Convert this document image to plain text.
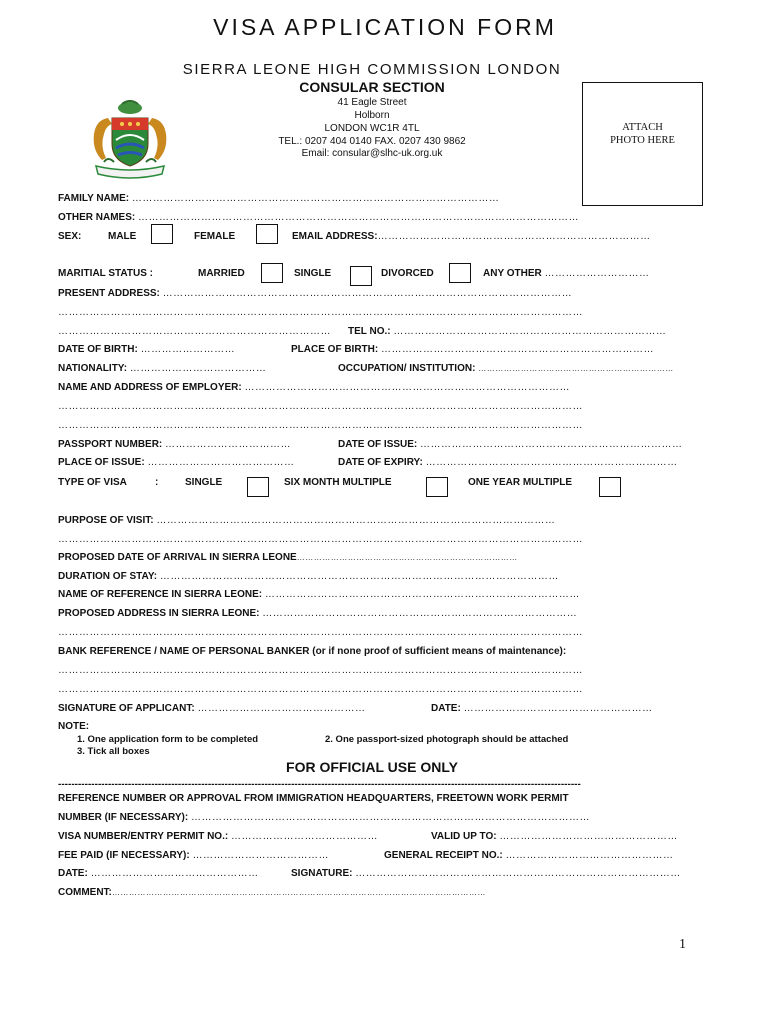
VISA APPLICATION FORM
SIERRA LEONE HIGH COMMISSION LONDON
CONSULAR SECTION
41 Eagle Street
Holborn
LONDON WC1R 4TL
TEL.: 0207 404 0140 FAX. 0207 430 9862
Email: consular@slhc-uk.org.uk
ATTACH
PHOTO HERE
FAMILY NAME: ……………………………………………………………………………………………
OTHER NAMES: ………………………………………………………………………………………………………………
SEX:	MALE	FEMALE	EMAIL ADDRESS:……………………………………………………………………
MARITIAL STATUS :	MARRIED	SINGLE	DIVORCED	ANY OTHER …………………………
PRESENT ADDRESS: ………………………………………………………………………………………………………
……………………………………………………………………………………………………………………………………
…………………………………………………………………… TEL NO.: ……………………………………………………………………
DATE OF BIRTH: ………………………	PLACE OF BIRTH: ……………………………………………………………………
NATIONALITY: …………………………………	OCCUPATION/ INSTITUTION: ……………………………………………………………
NAME AND ADDRESS OF EMPLOYER: …………………………………………………………………………………
……………………………………………………………………………………………………………………………………
……………………………………………………………………………………………………………………………………
PASSPORT NUMBER: ………………………………	DATE OF ISSUE: …………………………………………………………………
PLACE OF ISSUE: ……………………………………	DATE OF EXPIRY: ………………………………………………………………
TYPE OF VISA	:	SINGLE	SIX MONTH MULTIPLE	ONE YEAR MULTIPLE
PURPOSE OF VISIT: ……………………………………………………………………………………………………
……………………………………………………………………………………………………………………………………
PROPOSED DATE OF ARRIVAL IN SIERRA LEONE……………………………………………………………………
DURATION OF STAY: ……………………………………………………………………………………………………
NAME OF REFERENCE IN SIERRA LEONE: ………………………………………………………………………………
PROPOSED ADDRESS IN SIERRA LEONE: ………………………………………………………………………………
……………………………………………………………………………………………………………………………………
BANK REFERENCE / NAME OF PERSONAL BANKER (or if none proof of sufficient means of maintenance):
……………………………………………………………………………………………………………………………………
……………………………………………………………………………………………………………………………………
SIGNATURE OF APPLICANT: …………………………………………	DATE: ………………………………………………
NOTE:
1. One application form to be completed	2. One passport-sized photograph should be attached
3. Tick all boxes
FOR OFFICIAL USE ONLY
-------------------------------------------------------------------------------------------------------------------------------------------------------------
REFERENCE NUMBER OR APPROVAL FROM IMMIGRATION HEADQUARTERS, FREETOWN WORK PERMIT
NUMBER (IF NECESSARY): ……………………………………………………………………………………………………
VISA NUMBER/ENTRY PERMIT NO.: ……………………………………	VALID UP TO: ……………………………………………
FEE PAID (IF NECESSARY): …………………………………	GENERAL RECEIPT NO.: …………………………………………
DATE: …………………………………………	SIGNATURE: …………………………………………………………………………………
COMMENT:……………………………………………………………………………………………………………………
1
